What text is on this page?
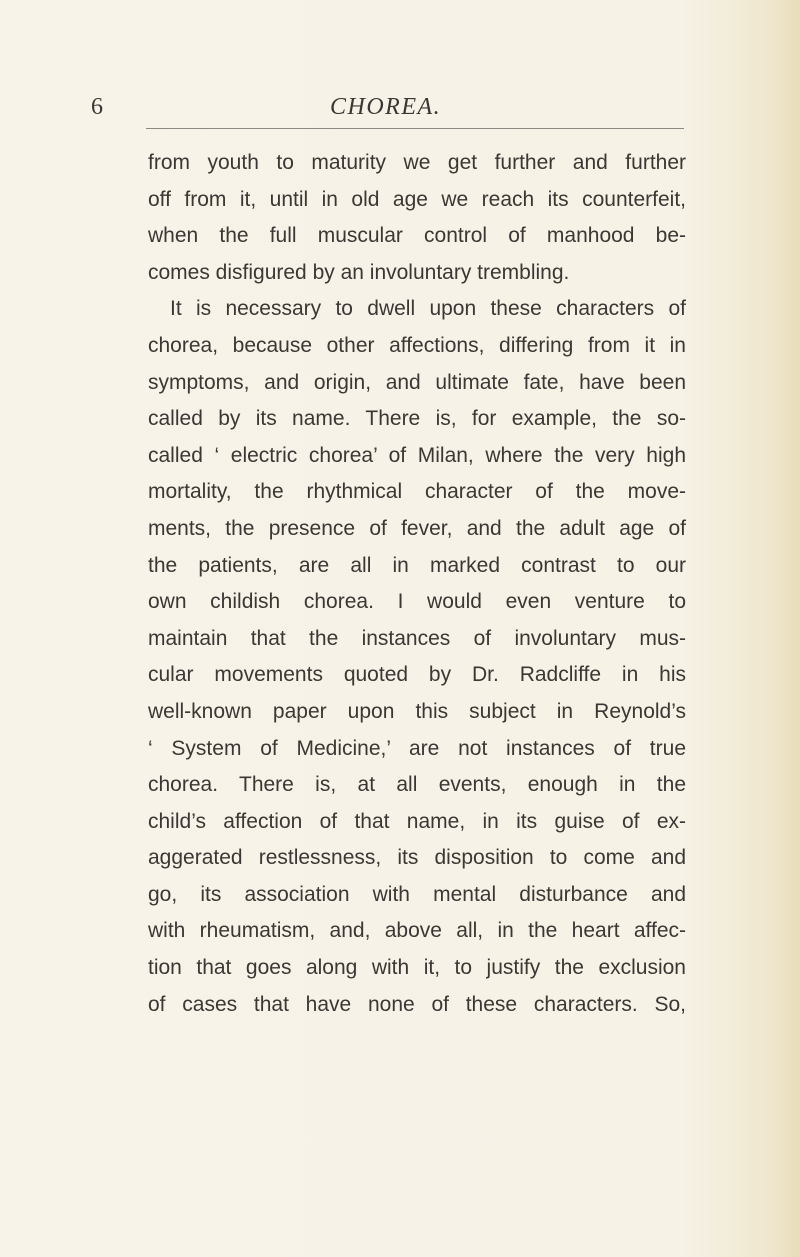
6	CHOREA.
from youth to maturity we get further and further
off from it, until in old age we reach its counterfeit,
when the full muscular control of manhood be-
comes disfigured by an involuntary trembling.
It is necessary to dwell upon these characters of
chorea, because other affections, differing from it in
symptoms, and origin, and ultimate fate, have been
called by its name. There is, for example, the so-
called ‘ electric chorea’ of Milan, where the very high
mortality, the rhythmical character of the move-
ments, the presence of fever, and the adult age of
the patients, are all in marked contrast to our
own childish chorea. I would even venture to
maintain that the instances of involuntary mus-
cular movements quoted by Dr. Radcliffe in his
well-known paper upon this subject in Reynold’s
‘ System of Medicine,’ are not instances of true
chorea. There is, at all events, enough in the
child’s affection of that name, in its guise of ex-
aggerated restlessness, its disposition to come and
go, its association with mental disturbance and
with rheumatism, and, above all, in the heart affec-
tion that goes along with it, to justify the exclusion
of cases that have none of these characters. So,
